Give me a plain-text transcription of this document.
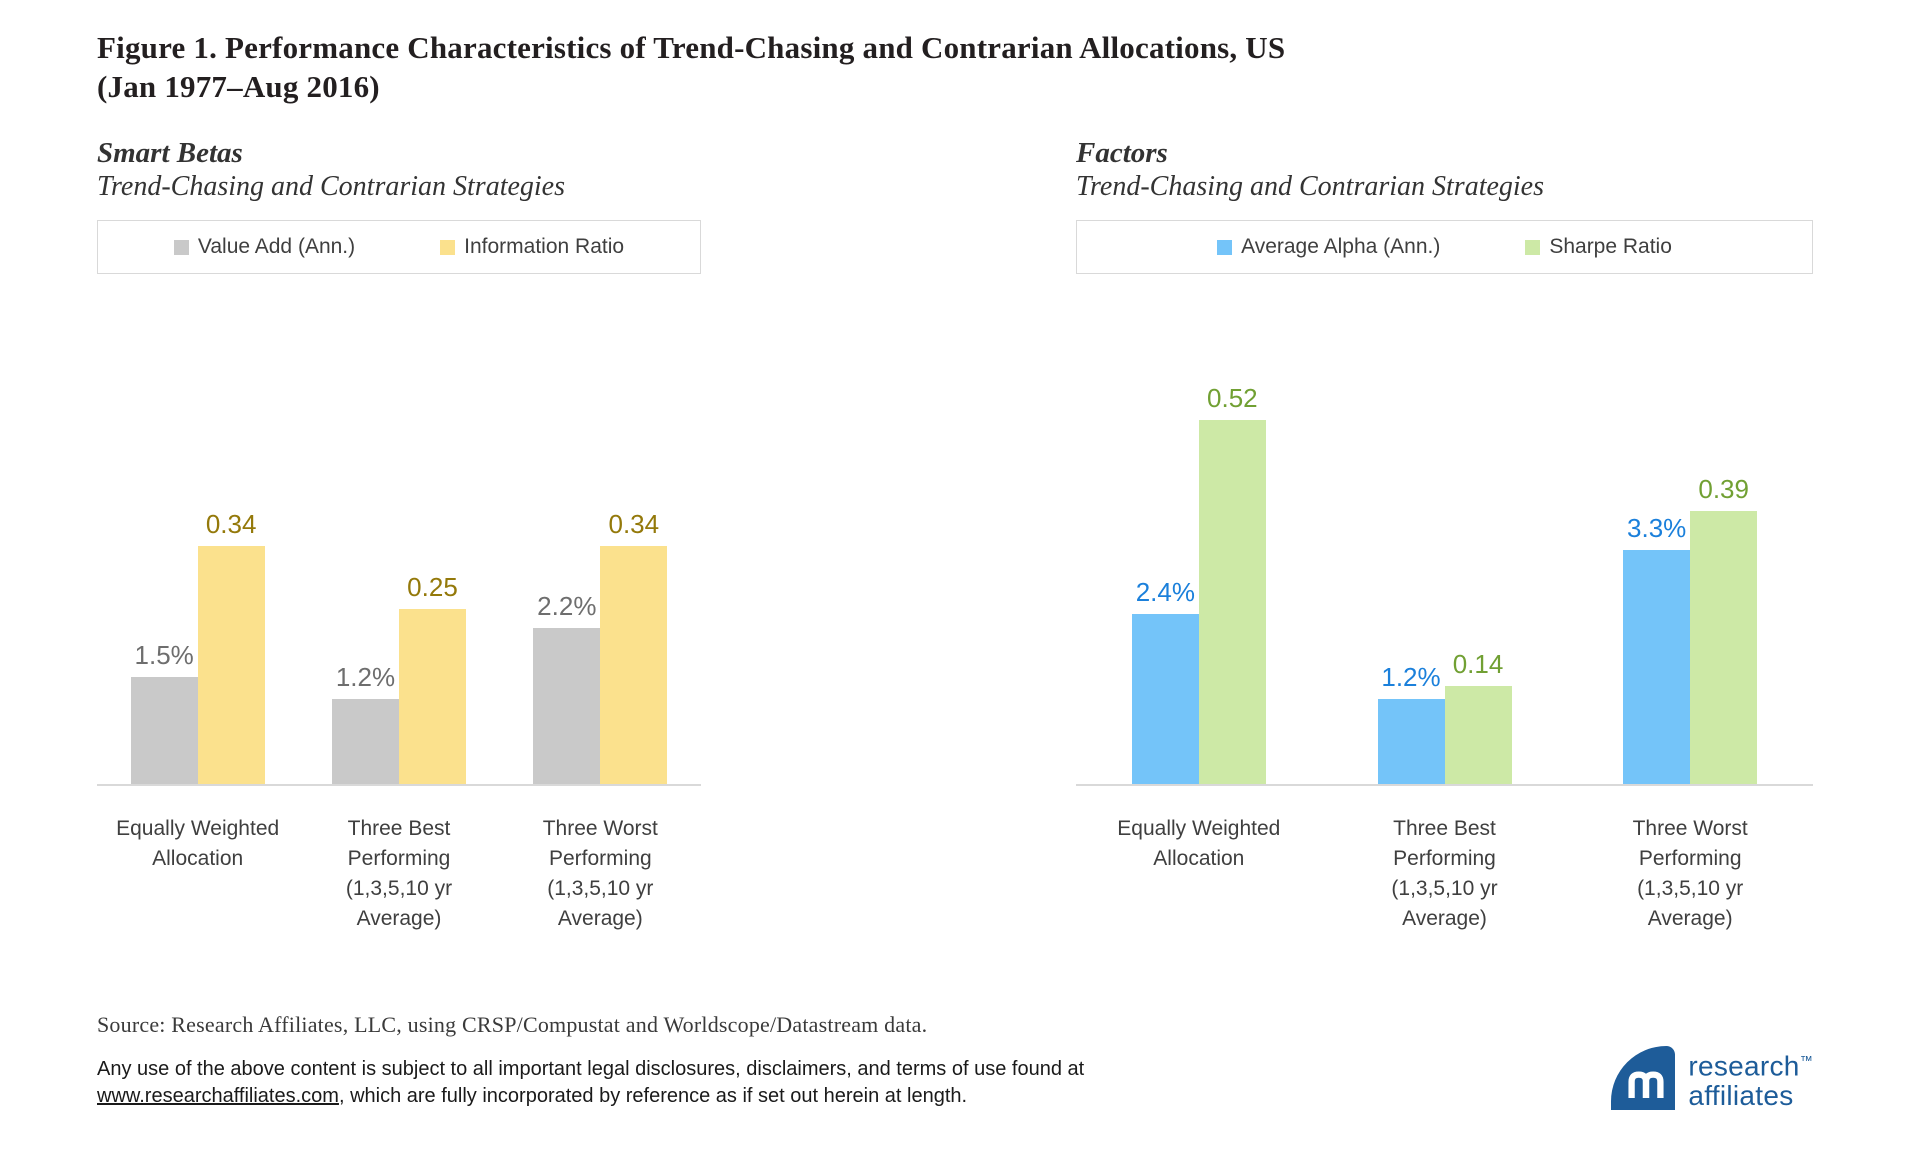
Figure 1. Performance Characteristics of Trend-Chasing and Contrarian Allocations, US
(Jan 1977–Aug 2016)
Smart Betas
Trend-Chasing and Contrarian Strategies
Value Add (Ann.)	Information Ratio
1.5%
0.34
1.2%
0.25
2.2%
0.34
Equally Weighted
Allocation
Three Best
Performing
(1,3,5,10 yr
Average)
Three Worst
Performing
(1,3,5,10 yr
Average)
Factors
Trend-Chasing and Contrarian Strategies
Average Alpha (Ann.)	Sharpe Ratio
2.4%
0.52
1.2% 0.14
3.3%
0.39
Equally Weighted
Allocation
Three Best
Performing
(1,3,5,10 yr
Average)
Three Worst
Performing
(1,3,5,10 yr
Average)

Source: Research Affiliates, LLC, using CRSP/Compustat and Worldscope/Datastream data.

Any use of the above content is subject to all important legal disclosures, disclaimers, and terms of use found at www.researchaffiliates.com, which are fully incorporated by reference as if set out herein at length.

research™
affiliates
